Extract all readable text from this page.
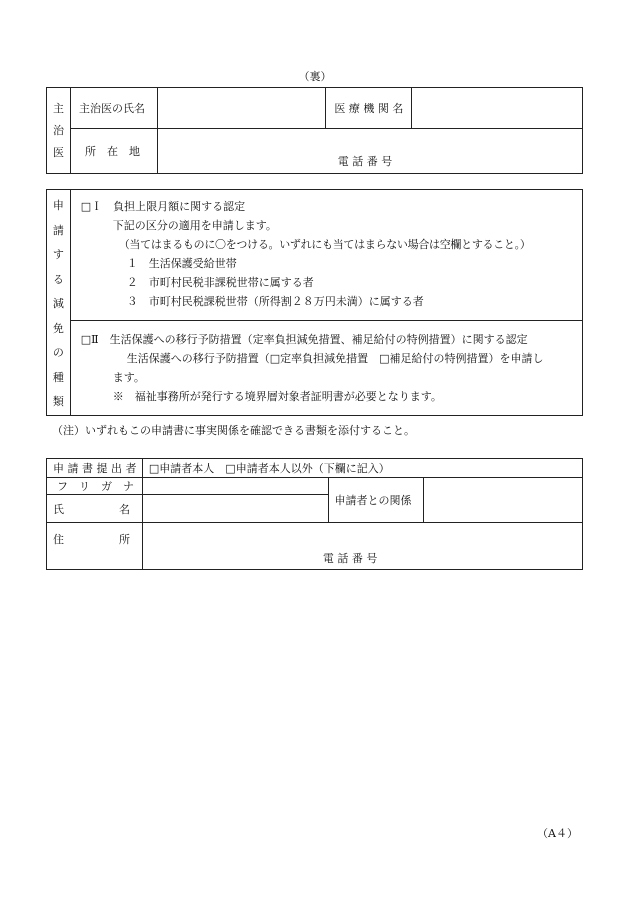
（裏）
主
治
医	主治医の氏名		医 療 機 関 名	
	所　在　地	電 話 番 号		
申
請
す
る
減
免
の
種
類

□Ｉ　負担上限月額に関する認定
下記の区分の適用を申請します。
（当てはまるものに〇をつける。いずれにも当てはまらない場合は空欄とすること。）
１　生活保護受給世帯
２　市町村民税非課税世帯に属する者
３　市町村民税課税世帯（所得割２８万円未満）に属する者

□Ⅱ　生活保護への移行予防措置（定率負担減免措置、補足給付の特例措置）に関する認定
生活保護への移行予防措置（□定率負担減免措置　□補足給付の特例措置）を申請し
ます。
※　福祉事務所が発行する境界層対象者証明書が必要となります。
（注）いずれもこの申請書に事実関係を確認できる書類を添付すること。
申 請 書 提 出 者	□申請者本人　□申請者本人以外（下欄に記入）		
フ　リ　ガ　ナ		申請者との関係	
氏　　　　　名			
住　　　　　所	電 話 番 号		
（A４）
